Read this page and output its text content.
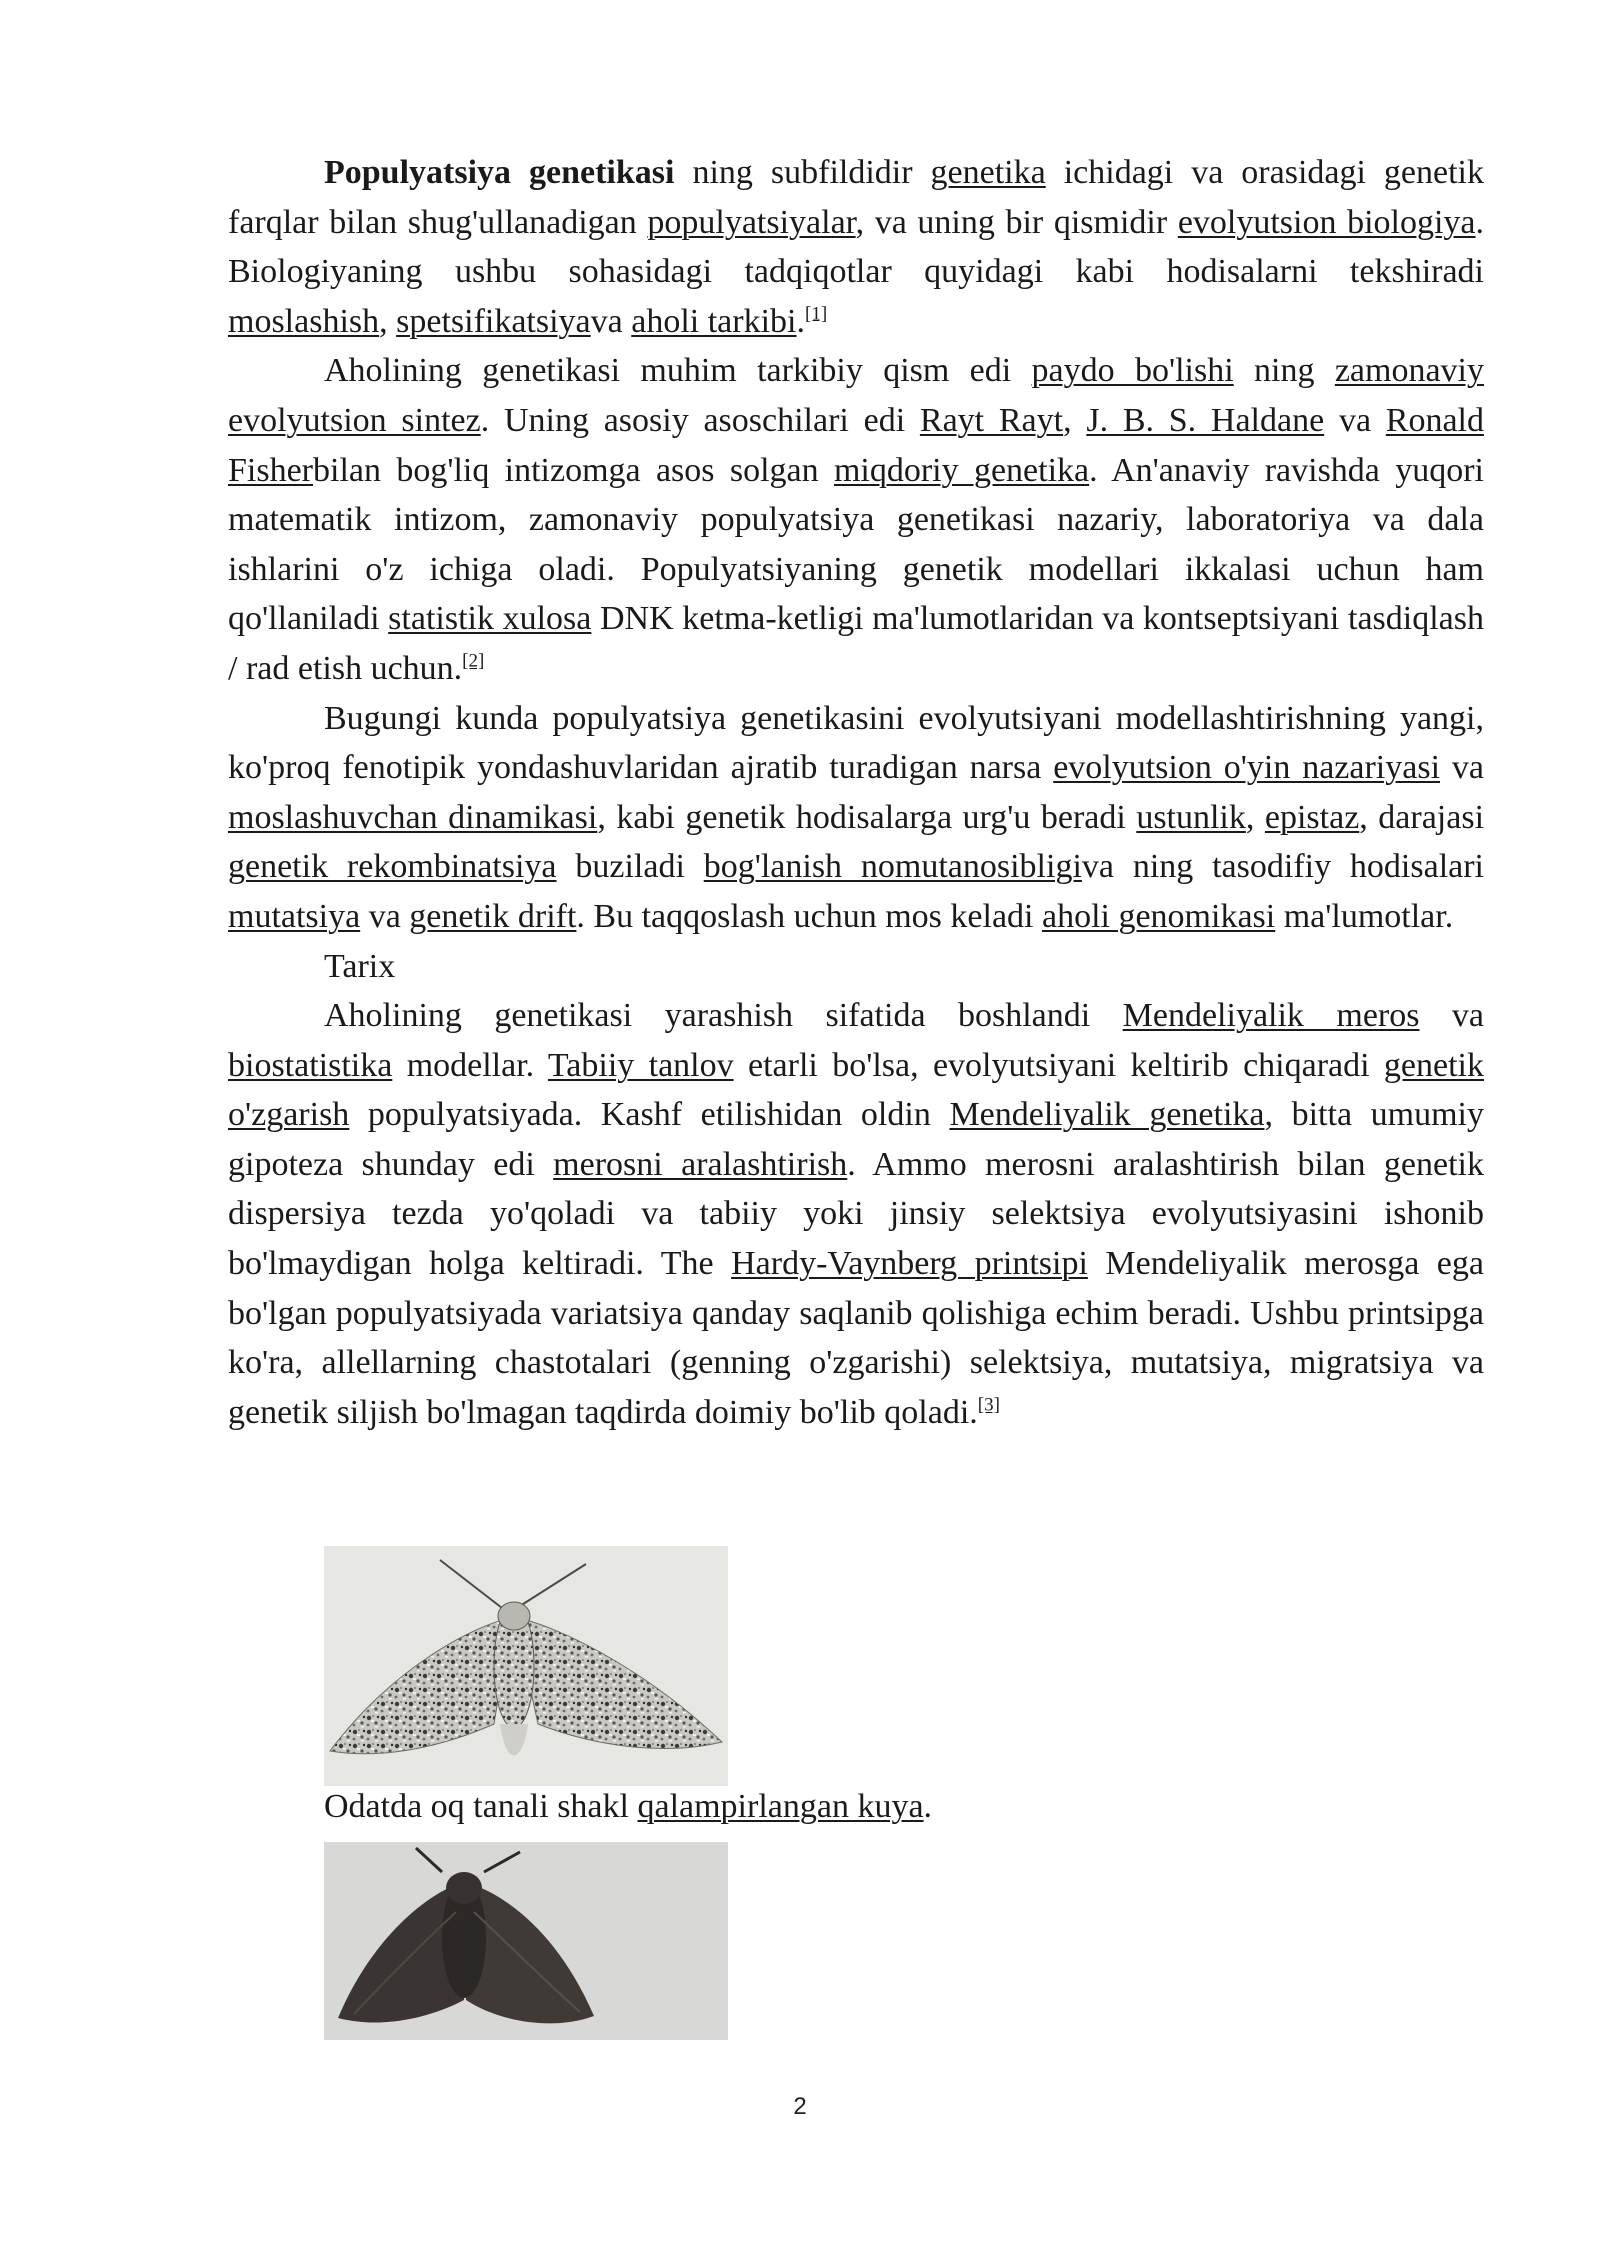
Populyatsiya genetikasi ning subfildidir genetika ichidagi va orasidagi genetik farqlar bilan shug'ullanadigan populyatsiyalar, va uning bir qismidir evolyutsion biologiya. Biologiyaning ushbu sohasidagi tadqiqotlar quyidagi kabi hodisalarni tekshiradi moslashish, spetsifikatsiyava aholi tarkibi.[1]

Aholining genetikasi muhim tarkibiy qism edi paydo bo'lishi ning zamonaviy evolyutsion sintez. Uning asosiy asoschilari edi Rayt Rayt, J. B. S. Haldane va Ronald Fisherbilan bog'liq intizomga asos solgan miqdoriy genetika. An'anaviy ravishda yuqori matematik intizom, zamonaviy populyatsiya genetikasi nazariy, laboratoriya va dala ishlarini o'z ichiga oladi. Populyatsiyaning genetik modellari ikkalasi uchun ham qo'llaniladi statistik xulosa DNK ketma-ketligi ma'lumotlaridan va kontseptsiyani tasdiqlash / rad etish uchun.[2]

Bugungi kunda populyatsiya genetikasini evolyutsiyani modellashtirishning yangi, ko'proq fenotipik yondashuvlaridan ajratib turadigan narsa evolyutsion o'yin nazariyasi va moslashuvchan dinamikasi, kabi genetik hodisalarga urg'u beradi ustunlik, epistaz, darajasi genetik rekombinatsiya buziladi bog'lanish nomutanosibligiva ning tasodifiy hodisalari mutatsiya va genetik drift. Bu taqqoslash uchun mos keladi aholi genomikasi ma'lumotlar.

Tarix

Aholining genetikasi yarashish sifatida boshlandi Mendeliyalik meros va biostatistika modellar. Tabiiy tanlov etarli bo'lsa, evolyutsiyani keltirib chiqaradi genetik o'zgarish populyatsiyada. Kashf etilishidan oldin Mendeliyalik genetika, bitta umumiy gipoteza shunday edi merosni aralashtirish. Ammo merosni aralashtirish bilan genetik dispersiya tezda yo'qoladi va tabiiy yoki jinsiy selektsiya evolyutsiyasini ishonib bo'lmaydigan holga keltiradi. The Hardy-Vaynberg printsipi Mendeliyalik merosga ega bo'lgan populyatsiyada variatsiya qanday saqlanib qolishiga echim beradi. Ushbu printsipga ko'ra, allellarning chastotalari (genning o'zgarishi) selektsiya, mutatsiya, migratsiya va genetik siljish bo'lmagan taqdirda doimiy bo'lib qoladi.[3]

Odatda oq tanali shakl qalampirlangan kuya.
2
